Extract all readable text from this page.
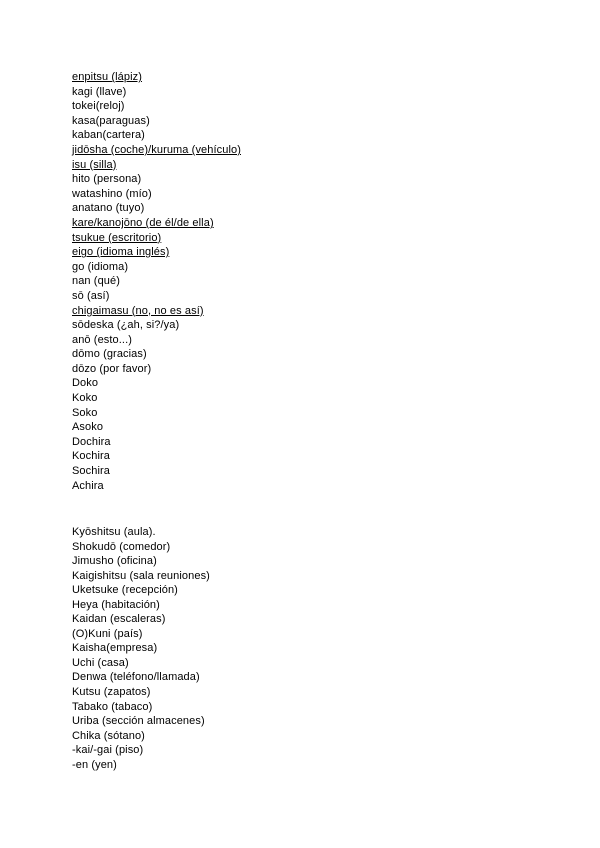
enpitsu (lápiz)
kagi (llave)
tokei(reloj)
kasa(paraguas)
kaban(cartera)
jidōsha (coche)/kuruma (vehículo)
isu (silla)
hito (persona)
watashino (mío)
anatano (tuyo)
kare/kanojōno (de él/de ella)
tsukue (escritorio)
eigo (idioma inglés)
go (idioma)
nan (qué)
sō (así)
chigaimasu (no, no es así)
sōdeska (¿ah, si?/ya)
anō (esto...)
dōmo (gracias)
dōzo (por favor)
Doko
Koko
Soko
Asoko
Dochira
Kochira
Sochira
Achira
Kyōshitsu (aula).
Shokudō (comedor)
Jimusho (oficina)
Kaigishitsu (sala reuniones)
Uketsuke (recepción)
Heya (habitación)
Kaidan (escaleras)
(O)Kuni (país)
Kaisha(empresa)
Uchi (casa)
Denwa (teléfono/llamada)
Kutsu (zapatos)
Tabako (tabaco)
Uriba (sección almacenes)
Chika (sótano)
-kai/-gai (piso)
-en (yen)
